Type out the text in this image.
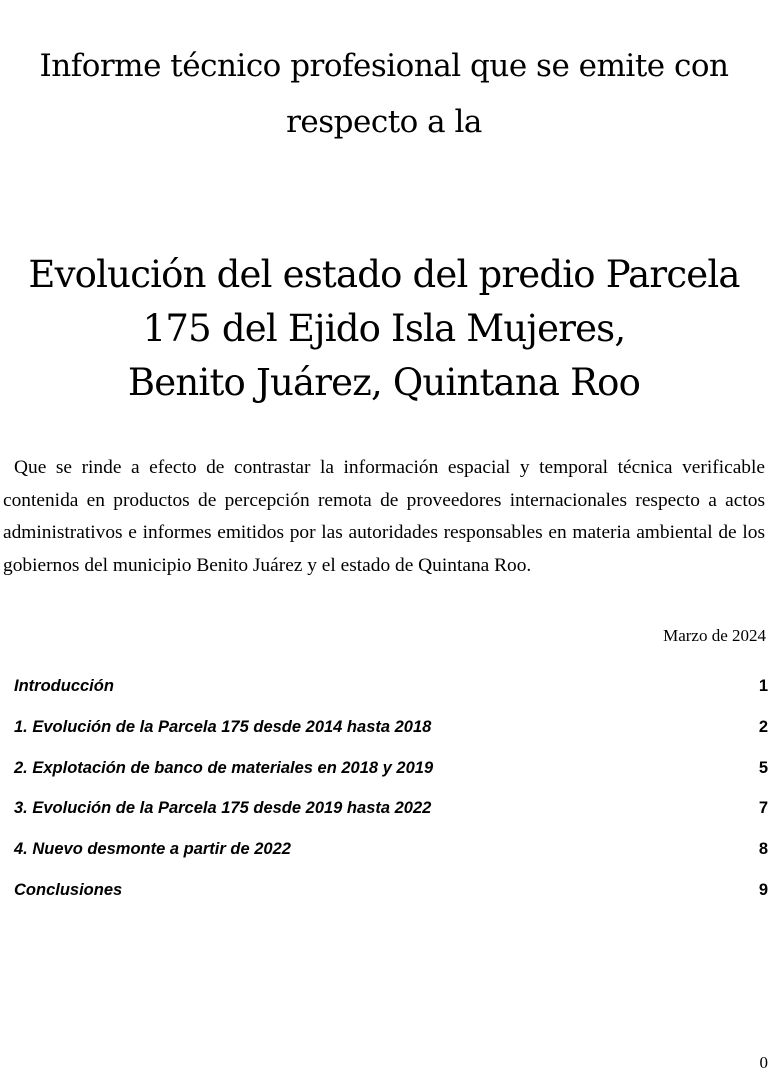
Informe técnico profesional que se emite con
respecto a la
Evolución del estado del predio Parcela
175 del Ejido Isla Mujeres,
Benito Juárez, Quintana Roo

Que se rinde a efecto de contrastar la información espacial y temporal técnica verificable contenida en productos de percepción remota de proveedores internacionales respecto a actos administrativos e informes emitidos por las autoridades responsables en materia ambiental de los gobiernos del municipio Benito Juárez y el estado de Quintana Roo.

Marzo de 2024
Introducción	1
1. Evolución de la Parcela 175 desde 2014 hasta 2018	2
2. Explotación de banco de materiales en 2018 y 2019	5
3. Evolución de la Parcela 175 desde 2019 hasta 2022	7
4. Nuevo desmonte a partir de 2022	8
Conclusiones	9
0
